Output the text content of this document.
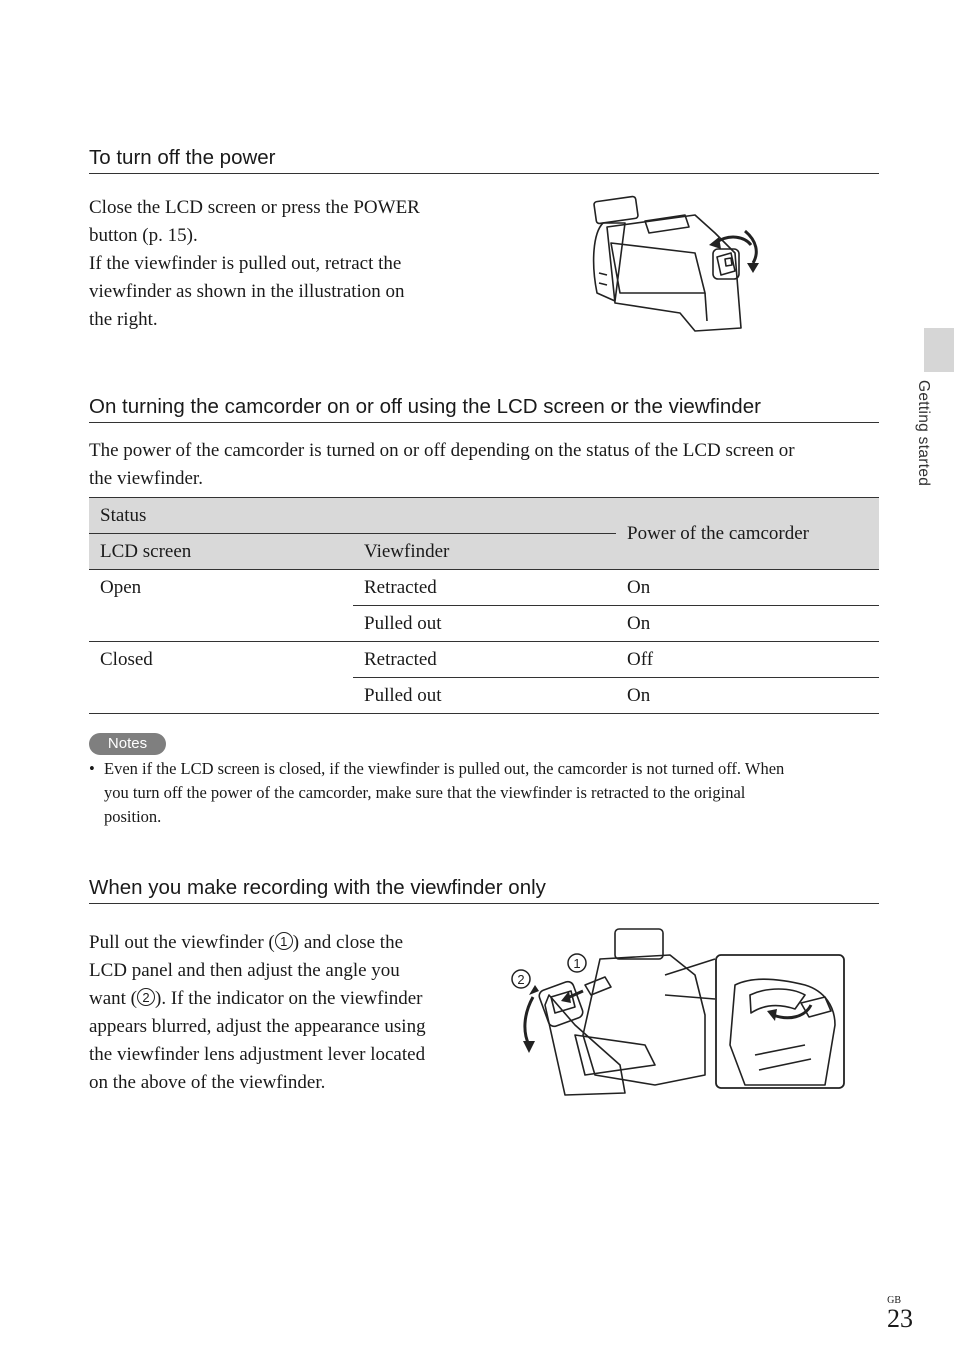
To turn off the power

Close the LCD screen or press the POWER

button (p. 15).

If the viewfinder is pulled out, retract the

viewfinder as shown in the illustration on

the right.

Getting started
On turning the camcorder on or off using the LCD screen or the viewfinder

The power of the camcorder is turned on or off depending on the status of the LCD screen or

the viewfinder.

Status		Power of the camcorder
LCD screen	Viewfinder	
Open	Retracted	On
	Pulled out	On
Closed	Retracted	Off
	Pulled out	On
Notes
• Even if the LCD screen is closed, if the viewfinder is pulled out, the camcorder is not turned off. When
you turn off the power of the camcorder, make sure that the viewfinder is retracted to the original
position.
When you make recording with the viewfinder only

Pull out the viewfinder ( 1 ) and close the

LCD panel and then adjust the angle you

want ( 2 ). If the indicator on the viewfinder

appears blurred, adjust the appearance using

the viewfinder lens adjustment lever located

on the above of the viewfinder.

1
2
GB
23
